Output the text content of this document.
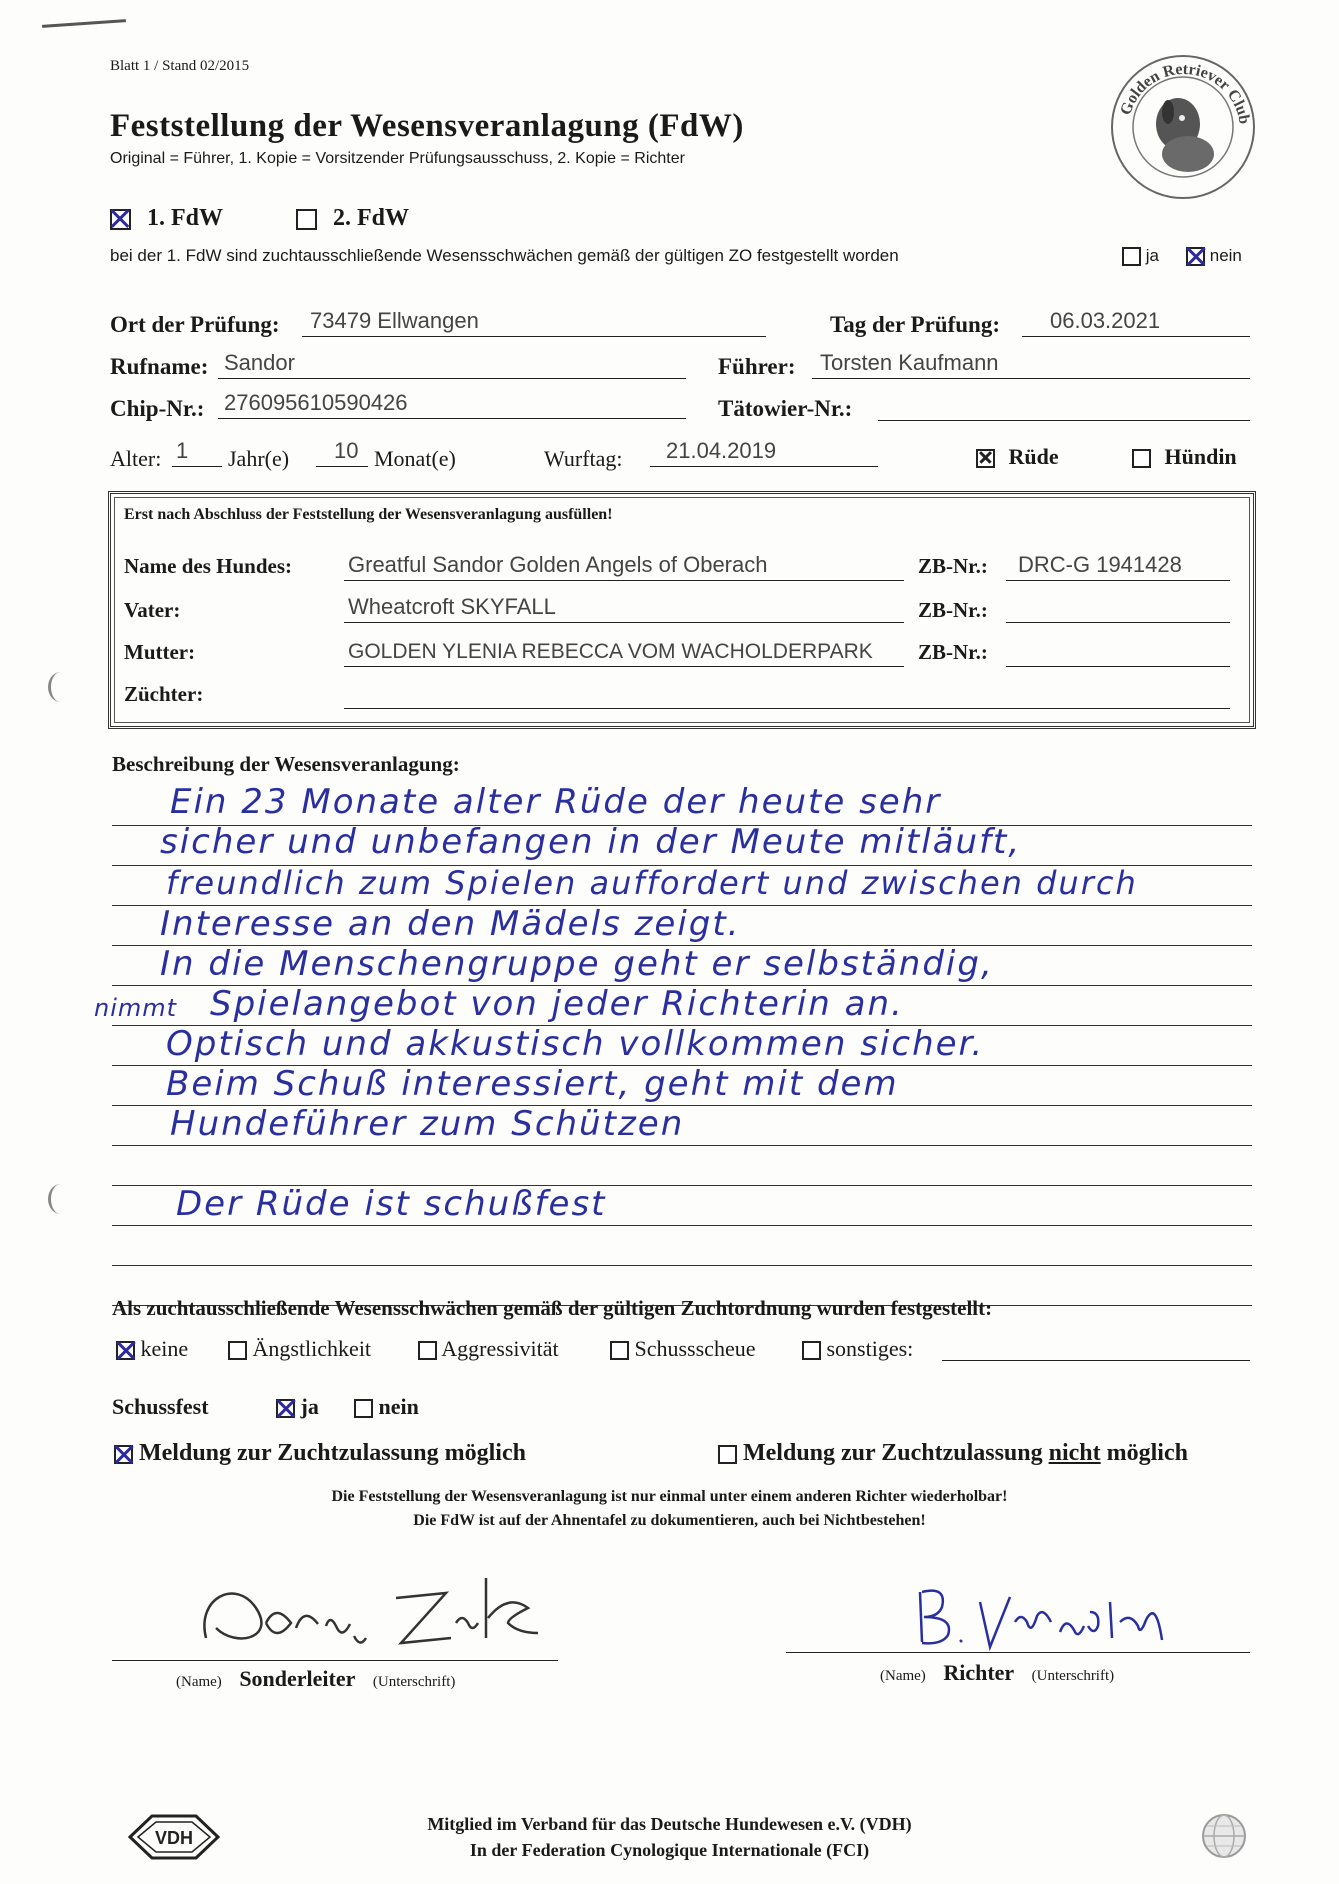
Blatt 1 / Stand 02/2015
Feststellung der Wesensveranlagung (FdW)
Original = Führer, 1. Kopie = Vorsitzender Prüfungsausschuss, 2. Kopie = Richter
Golden Retriever Club
1. FdW	2. FdW
bei der 1. FdW sind zuchtausschließende Wesensschwächen gemäß der gültigen ZO festgestellt worden	ja	nein
Ort der Prüfung: 73479 Ellwangen	Tag der Prüfung: 06.03.2021
Rufname: Sandor	Führer: Torsten Kaufmann
Chip-Nr.: 276095610590426	Tätowier-Nr.:
Alter: 1 Jahr(e) 10 Monat(e)	Wurftag: 21.04.2019	Rüde	Hündin
Erst nach Abschluss der Feststellung der Wesensveranlagung ausfüllen!
Name des Hundes:	Greatful Sandor Golden Angels of Oberach	ZB-Nr.: DRC-G 1941428
Vater:	Wheatcroft SKYFALL	ZB-Nr.:
Mutter:	GOLDEN YLENIA REBECCA VOM WACHOLDERPARK ZB-Nr.:
Züchter:
Beschreibung der Wesensveranlagung:
Ein 23 Monate alter Rüde der heute sehr
sicher und unbefangen in der Meute mitläuft,
freundlich zum Spielen auffordert und zwischen durch
Interesse an den Mädels zeigt.
In die Menschengruppe geht er selbständig,
nimmt Spielangebot von jeder Richterin an.
Optisch und akkustisch vollkommen sicher.
Beim Schuß interessiert, geht mit dem
Hundeführer zum Schützen
Der Rüde ist schußfest
Als zuchtausschließende Wesensschwächen gemäß der gültigen Zuchtordnung wurden festgestellt:
keine	Ängstlichkeit	Aggressivität	Schussscheue	sonstiges:
Schussfest	ja	nein
Meldung zur Zuchtzulassung möglich	Meldung zur Zuchtzulassung nicht möglich
Die Feststellung der Wesensveranlagung ist nur einmal unter einem anderen Richter wiederholbar!
Die FdW ist auf der Ahnentafel zu dokumentieren, auch bei Nichtbestehen!
(Name) Sonderleiter (Unterschrift)	(Name) Richter (Unterschrift)
VDH
Mitglied im Verband für das Deutsche Hundewesen e.V. (VDH)
In der Federation Cynologique Internationale (FCI)
